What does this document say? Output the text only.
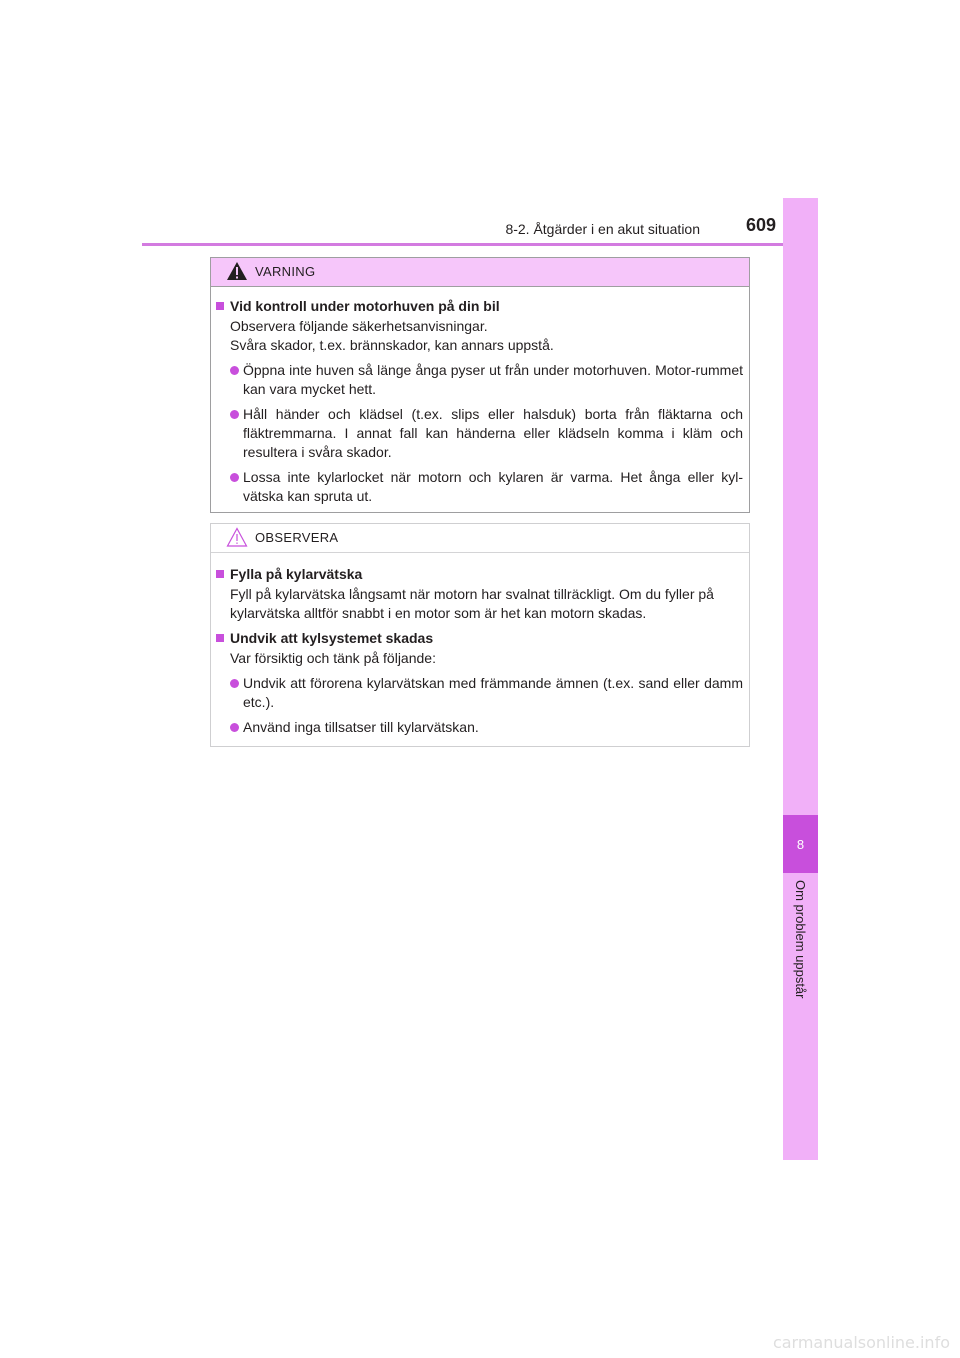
8-2. Åtgärder i en akut situation	609
8
Om problem uppstår
VARNING
Vid kontroll under motorhuven på din bil
Observera följande säkerhetsanvisningar.
Svåra skador, t.ex. brännskador, kan annars uppstå.
Öppna inte huven så länge ånga pyser ut från under motorhuven. Motor-rummet kan vara mycket hett.
Håll händer och klädsel (t.ex. slips eller halsduk) borta från fläktarna och fläktremmarna. I annat fall kan händerna eller klädseln komma i kläm och resultera i svåra skador.
Lossa inte kylarlocket när motorn och kylaren är varma. Het ånga eller kyl-vätska kan spruta ut.
OBSERVERA
Fylla på kylarvätska
Fyll på kylarvätska långsamt när motorn har svalnat tillräckligt. Om du fyller på kylarvätska alltför snabbt i en motor som är het kan motorn skadas.
Undvik att kylsystemet skadas
Var försiktig och tänk på följande:
Undvik att förorena kylarvätskan med främmande ämnen (t.ex. sand eller damm etc.).
Använd inga tillsatser till kylarvätskan.
carmanualsonline.info
